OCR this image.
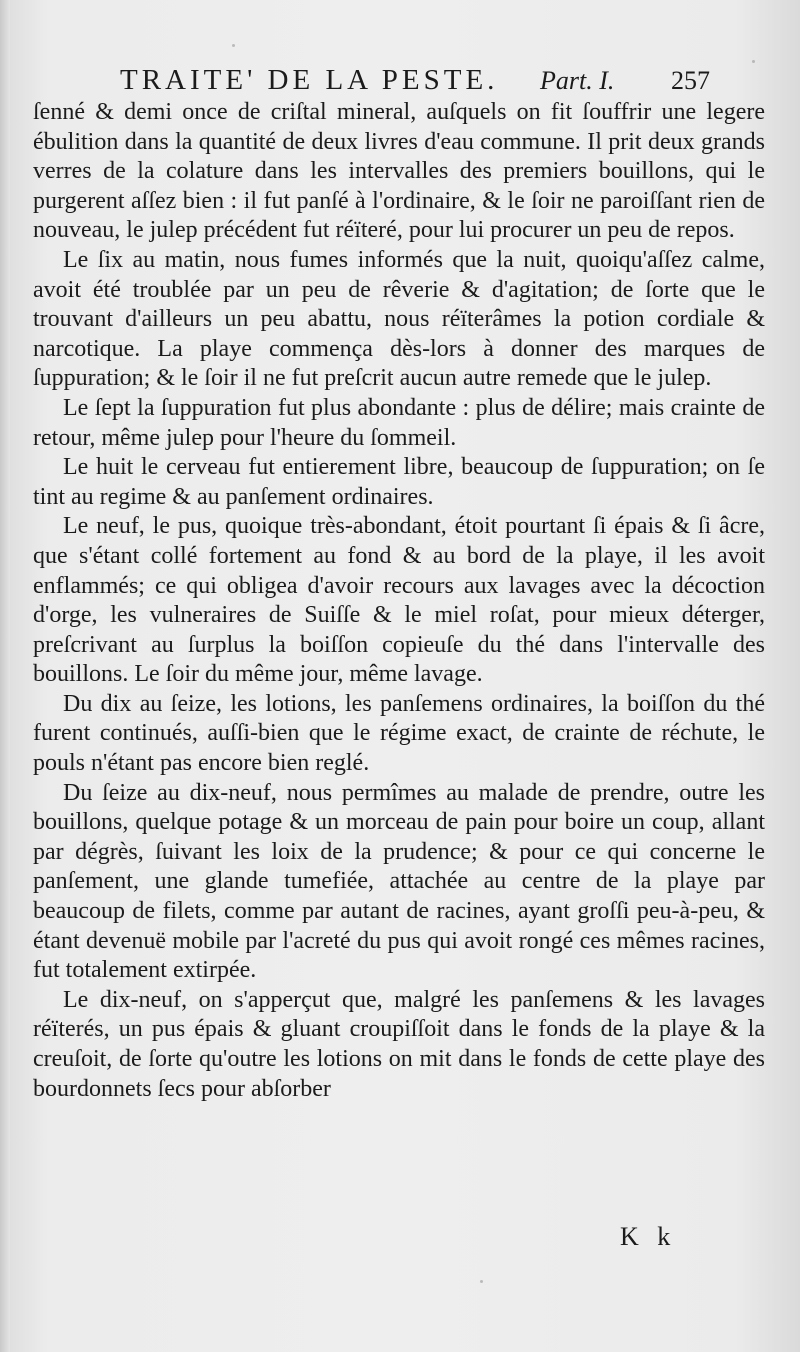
TRAITE' DE LA PESTE. Part. I. 257

ſenné & demi once de criſtal mineral, auſquels on fit ſouffrir une legere ébulition dans la quantité de deux livres d'eau commune. Il prit deux grands verres de la colature dans les intervalles des premiers bouillons, qui le purgerent aſſez bien : il fut panſé à l'ordinaire, & le ſoir ne paroiſſant rien de nouveau, le julep précédent fut réïteré, pour lui procurer un peu de repos.

Le ſix au matin, nous fumes informés que la nuit, quoiqu'aſſez calme, avoit été troublée par un peu de rêverie & d'agitation; de ſorte que le trouvant d'ailleurs un peu abattu, nous réïterâmes la potion cordiale & narcotique. La playe commença dès-lors à donner des marques de ſuppuration; & le ſoir il ne fut preſcrit aucun autre remede que le julep.

Le ſept la ſuppuration fut plus abondante : plus de délire; mais crainte de retour, même julep pour l'heure du ſommeil.

Le huit le cerveau fut entierement libre, beaucoup de ſuppuration; on ſe tint au regime & au panſement ordinaires.

Le neuf, le pus, quoique très-abondant, étoit pourtant ſi épais & ſi âcre, que s'étant collé fortement au fond & au bord de la playe, il les avoit enflammés; ce qui obligea d'avoir recours aux lavages avec la décoction d'orge, les vulneraires de Suiſſe & le miel roſat, pour mieux déterger, preſcrivant au ſurplus la boiſſon copieuſe du thé dans l'intervalle des bouillons. Le ſoir du même jour, même lavage.

Du dix au ſeize, les lotions, les panſemens ordinaires, la boiſſon du thé furent continués, auſſi-bien que le régime exact, de crainte de réchute, le pouls n'étant pas encore bien reglé.

Du ſeize au dix-neuf, nous permîmes au malade de prendre, outre les bouillons, quelque potage & un morceau de pain pour boire un coup, allant par dégrès, ſuivant les loix de la prudence; & pour ce qui concerne le panſement, une glande tumefiée, attachée au centre de la playe par beaucoup de filets, comme par autant de racines, ayant groſſi peu-à-peu, & étant devenuë mobile par l'acreté du pus qui avoit rongé ces mêmes racines, fut totalement extirpée.

Le dix-neuf, on s'apperçut que, malgré les panſemens & les lavages réïterés, un pus épais & gluant croupiſſoit dans le fonds de la playe & la creuſoit, de ſorte qu'outre les lotions on mit dans le fonds de cette playe des bourdonnets ſecs pour abſorber

K k
